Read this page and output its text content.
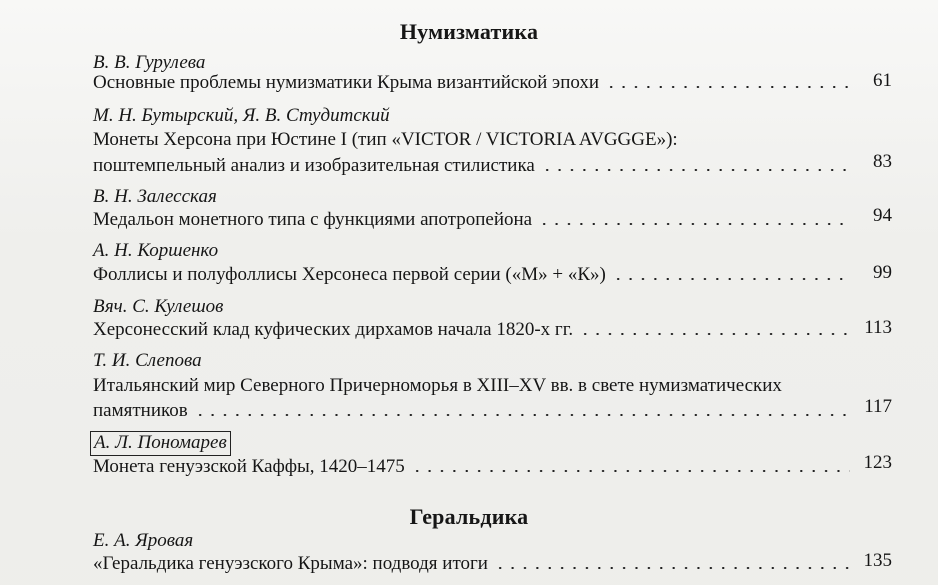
Нумизматика
В. В. Гурулева
Основные проблемы нумизматики Крыма византийской эпохи	61
М. Н. Бутырский, Я. В. Студитский
Монеты Херсона при Юстине I (тип «VICTOR / VICTORIA AVGGGE»):
поштемпельный анализ и изобразительная стилистика	83
В. Н. Залесская
Медальон монетного типа с функциями апотропейона	94
А. Н. Коршенко
Фоллисы и полуфоллисы Херсонеса первой серии («М» + «К»)	99
Вяч. С. Кулешов
Херсонесский клад куфических дирхамов начала 1820-х гг.	113
Т. И. Слепова
Итальянский мир Северного Причерноморья в XIII–XV вв. в свете нумизматических
памятников	117
А. Л. Пономарев
Монета генуэзской Каффы, 1420–1475	123
Геральдика
Е. А. Яровая
«Геральдика генуэзского Крыма»: подводя итоги	135
